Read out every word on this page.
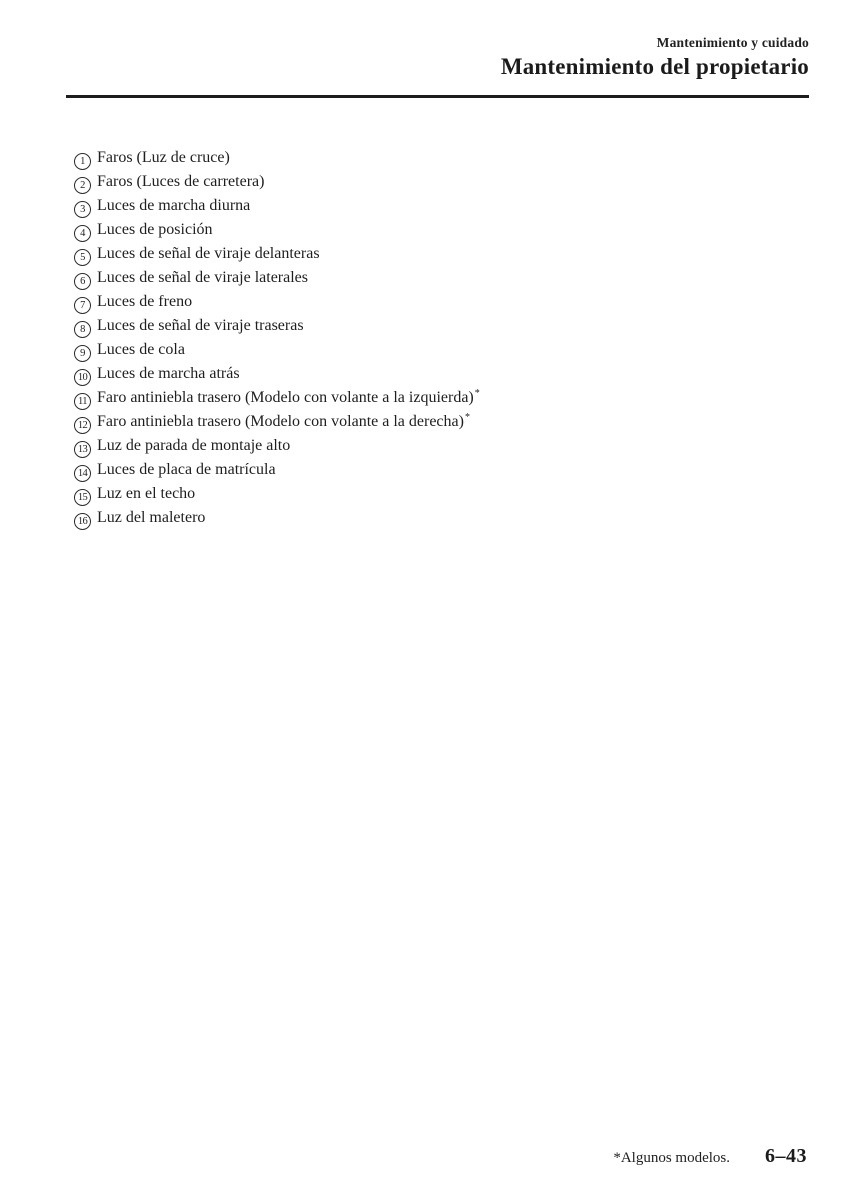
Mantenimiento y cuidado
Mantenimiento del propietario
1 Faros (Luz de cruce)
2 Faros (Luces de carretera)
3 Luces de marcha diurna
4 Luces de posición
5 Luces de señal de viraje delanteras
6 Luces de señal de viraje laterales
7 Luces de freno
8 Luces de señal de viraje traseras
9 Luces de cola
10 Luces de marcha atrás
11 Faro antiniebla trasero (Modelo con volante a la izquierda)*
12 Faro antiniebla trasero (Modelo con volante a la derecha)*
13 Luz de parada de montaje alto
14 Luces de placa de matrícula
15 Luz en el techo
16 Luz del maletero
*Algunos modelos. 6–43
